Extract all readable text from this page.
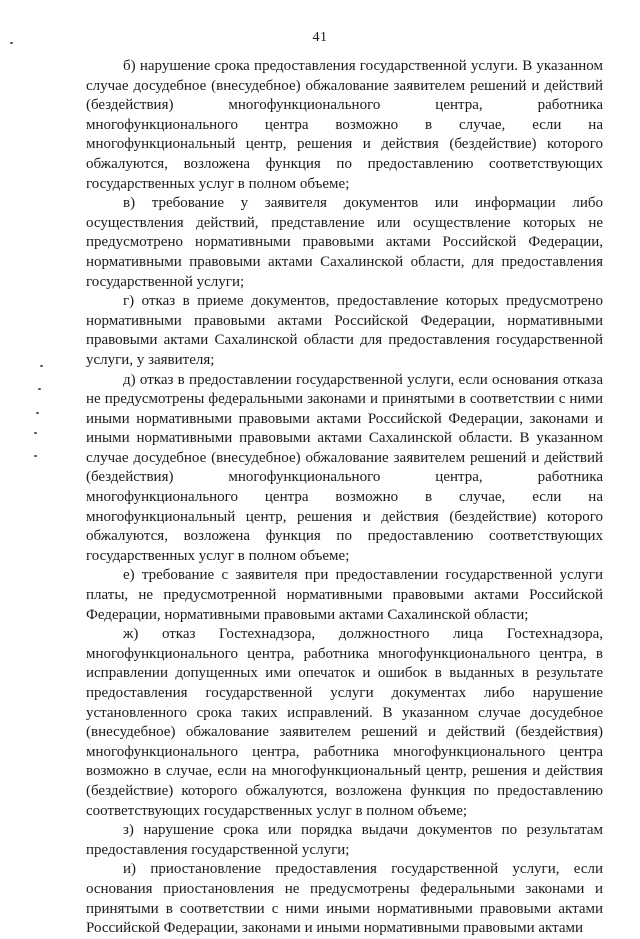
41

б) нарушение срока предоставления государственной услуги. В указанном случае досудебное (внесудебное) обжалование заявителем решений и действий (бездействия) многофункционального центра, работника многофункционального центра возможно в случае, если на многофункциональный центр, решения и действия (бездействие) которого обжалуются, возложена функция по предоставлению соответствующих государственных услуг в полном объеме;

в) требование у заявителя документов или информации либо осуществления действий, представление или осуществление которых не предусмотрено нормативными правовыми актами Российской Федерации, нормативными правовыми актами Сахалинской области, для предоставления государственной услуги;

г) отказ в приеме документов, предоставление которых предусмотрено нормативными правовыми актами Российской Федерации, нормативными правовыми актами Сахалинской области для предоставления государственной услуги, у заявителя;

д) отказ в предоставлении государственной услуги, если основания отказа не предусмотрены федеральными законами и принятыми в соответствии с ними иными нормативными правовыми актами Российской Федерации, законами и иными нормативными правовыми актами Сахалинской области. В указанном случае досудебное (внесудебное) обжалование заявителем решений и действий (бездействия) многофункционального центра, работника многофункционального центра возможно в случае, если на многофункциональный центр, решения и действия (бездействие) которого обжалуются, возложена функция по предоставлению соответствующих государственных услуг в полном объеме;

е) требование с заявителя при предоставлении государственной услуги платы, не предусмотренной нормативными правовыми актами Российской Федерации, нормативными правовыми актами Сахалинской области;

ж) отказ Гостехнадзора, должностного лица Гостехнадзора, многофункционального центра, работника многофункционального центра, в исправлении допущенных ими опечаток и ошибок в выданных в результате предоставления государственной услуги документах либо нарушение установленного срока таких исправлений. В указанном случае досудебное (внесудебное) обжалование заявителем решений и действий (бездействия) многофункционального центра, работника многофункционального центра возможно в случае, если на многофункциональный центр, решения и действия (бездействие) которого обжалуются, возложена функция по предоставлению соответствующих государственных услуг в полном объеме;

з) нарушение срока или порядка выдачи документов по результатам предоставления государственной услуги;

и) приостановление предоставления государственной услуги, если основания приостановления не предусмотрены федеральными законами и принятыми в соответствии с ними иными нормативными правовыми актами Российской Федерации, законами и иными нормативными правовыми актами
